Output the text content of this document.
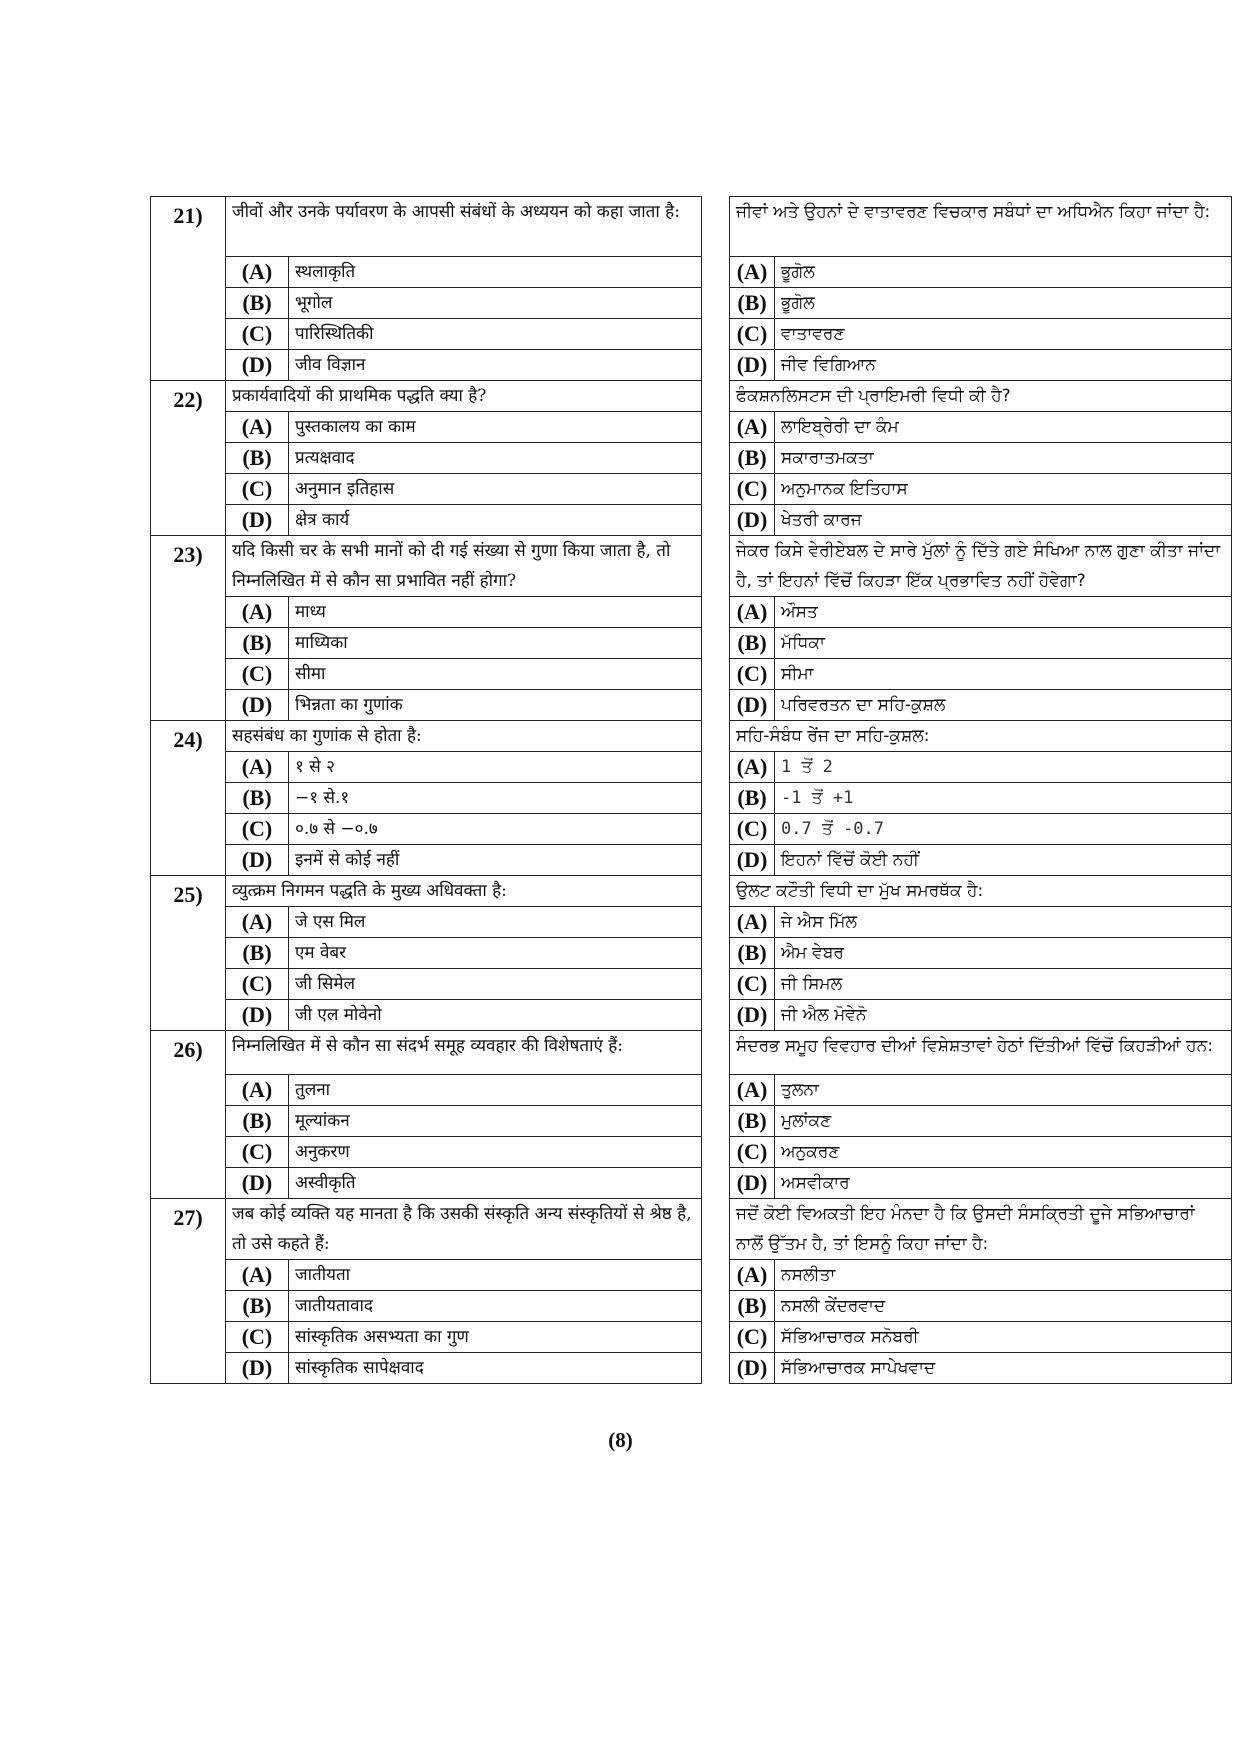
21)	जीवों और उनके पर्यावरण के आपसी संबंधों के अध्ययन को कहा जाता है:			ਜੀਵਾਂ ਅਤੇ ਉਹਨਾਂ ਦੇ ਵਾਤਾਵਰਣ ਵਿਚਕਾਰ ਸਬੰਧਾਂ ਦਾ ਅਧਿਐਨ ਕਿਹਾ ਜਾਂਦਾ ਹੈ:	
	(A)	स्थलाकृति		(A)	ਭੂਗੋਲ
	(B)	भूगोल		(B)	ਭੂਗੋਲ
	(C)	पारिस्थितिकी		(C)	ਵਾਤਾਵਰਣ
	(D)	जीव विज्ञान		(D)	ਜੀਵ ਵਿਗਿਆਨ
22)	प्रकार्यवादियों की प्राथमिक पद्धति क्या है?			ਫੰਕਸ਼ਨਲਿਸਟਸ ਦੀ ਪ੍ਰਾਇਮਰੀ ਵਿਧੀ ਕੀ ਹੈ?	
	(A)	पुस्तकालय का काम		(A)	ਲਾਇਬ੍ਰੇਰੀ ਦਾ ਕੰਮ
	(B)	प्रत्यक्षवाद		(B)	ਸਕਾਰਾਤਮਕਤਾ
	(C)	अनुमान इतिहास		(C)	ਅਨੁਮਾਨਕ ਇਤਿਹਾਸ
	(D)	क्षेत्र कार्य		(D)	ਖੇਤਰੀ ਕਾਰਜ
23)	यदि किसी चर के सभी मानों को दी गई संख्या से गुणा किया जाता है, तो निम्नलिखित में से कौन सा प्रभावित नहीं होगा?			ਜੇਕਰ ਕਿਸੇ ਵੇਰੀਏਬਲ ਦੇ ਸਾਰੇ ਮੁੱਲਾਂ ਨੂੰ ਦਿੱਤੇ ਗਏ ਸੰਖਿਆ ਨਾਲ ਗੁਣਾ ਕੀਤਾ ਜਾਂਦਾ ਹੈ, ਤਾਂ ਇਹਨਾਂ ਵਿੱਚੋਂ ਕਿਹੜਾ ਇੱਕ ਪ੍ਰਭਾਵਿਤ ਨਹੀਂ ਹੋਵੇਗਾ?	
	(A)	माध्य		(A)	ਔਸਤ
	(B)	माध्यिका		(B)	ਮੱਧਿਕਾ
	(C)	सीमा		(C)	ਸੀਮਾ
	(D)	भिन्नता का गुणांक		(D)	ਪਰਿਵਰਤਨ ਦਾ ਸਹਿ-ਕੁਸ਼ਲ
24)	सहसंबंध का गुणांक से होता है:			ਸਹਿ-ਸੰਬੰਧ ਰੇਂਜ ਦਾ ਸਹਿ-ਕੁਸ਼ਲ:	
	(A)	१ से २		(A)	1 ਤੋਂ 2
	(B)	−१ से.१		(B)	-1 ਤੋਂ +1
	(C)	०.७ से −०.७		(C)	0.7 ਤੋਂ -0.7
	(D)	इनमें से कोई नहीं		(D)	ਇਹਨਾਂ ਵਿੱਚੋਂ ਕੋਈ ਨਹੀਂ
25)	व्युत्क्रम निगमन पद्धति के मुख्य अधिवक्ता है:			ਉਲਟ ਕਟੌਤੀ ਵਿਧੀ ਦਾ ਮੁੱਖ ਸਮਰਥੱਕ ਹੈ:	
	(A)	जे एस मिल		(A)	ਜੇ ਐਸ ਮਿੱਲ
	(B)	एम वेबर		(B)	ਐਮ ਵੇਬਰ
	(C)	जी सिमेल		(C)	ਜੀ ਸਿਮਲ
	(D)	जी एल मोवेनो		(D)	ਜੀ ਐਲ ਮੋਵੇਨੋ
26)	निम्नलिखित में से कौन सा संदर्भ समूह व्यवहार की विशेषताएं हैं:			ਸੰਦਰਭ ਸਮੂਹ ਵਿਵਹਾਰ ਦੀਆਂ ਵਿਸ਼ੇਸ਼ਤਾਵਾਂ ਹੇਠਾਂ ਦਿੱਤੀਆਂ ਵਿੱਚੋਂ ਕਿਹੜੀਆਂ ਹਨ:	
	(A)	तुलना		(A)	ਤੁਲਨਾ
	(B)	मूल्यांकन		(B)	ਮੁਲਾਂਕਣ
	(C)	अनुकरण		(C)	ਅਨੁਕਰਣ
	(D)	अस्वीकृति		(D)	ਅਸਵੀਕਾਰ
27)	जब कोई व्यक्ति यह मानता है कि उसकी संस्कृति अन्य संस्कृतियों से श्रेष्ठ है, तो उसे कहते हैं:			ਜਦੋਂ ਕੋਈ ਵਿਅਕਤੀ ਇਹ ਮੰਨਦਾ ਹੈ ਕਿ ਉਸਦੀ ਸੰਸਕ੍ਰਿਤੀ ਦੂਜੇ ਸਭਿਆਚਾਰਾਂ ਨਾਲੋਂ ਉੱਤਮ ਹੈ, ਤਾਂ ਇਸਨੂੰ ਕਿਹਾ ਜਾਂਦਾ ਹੈ:	
	(A)	जातीयता		(A)	ਨਸਲੀਤਾ
	(B)	जातीयतावाद		(B)	ਨਸਲੀ ਕੇਂਦਰਵਾਦ
	(C)	सांस्कृतिक असभ्यता का गुण		(C)	ਸੱਭਿਆਚਾਰਕ ਸਨੋਬਰੀ
	(D)	सांस्कृतिक सापेक्षवाद		(D)	ਸੱਭਿਆਚਾਰਕ ਸਾਪੇਖਵਾਦ
(8)
